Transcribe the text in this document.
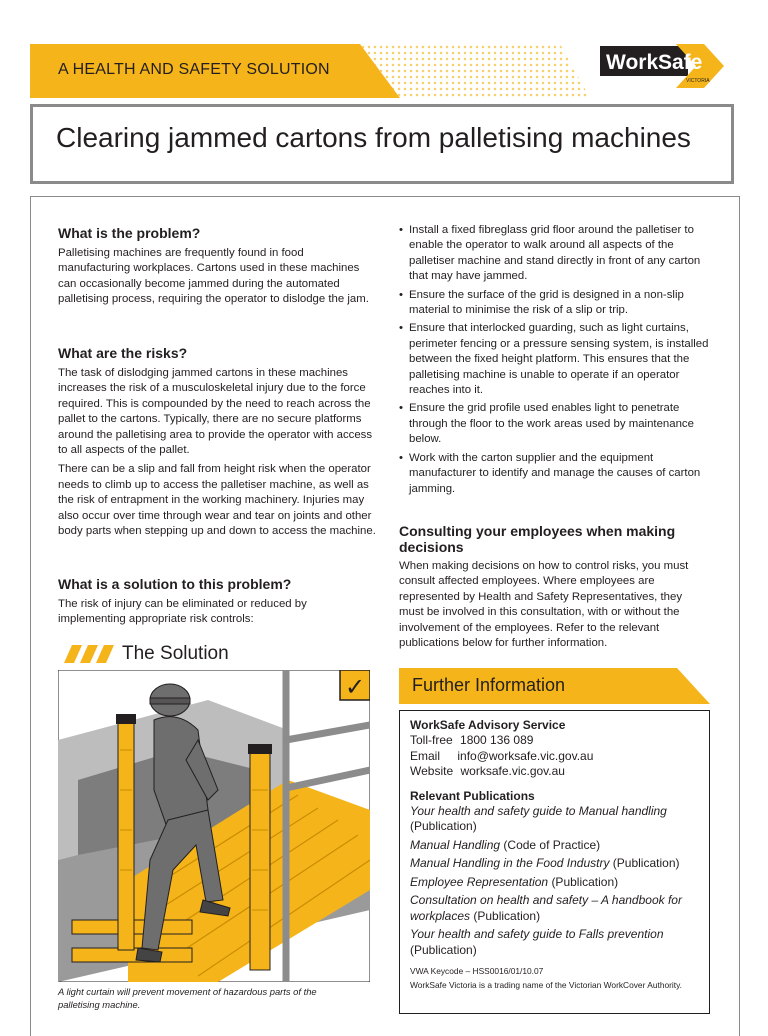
A HEALTH AND SAFETY SOLUTION	Work Safe
VICTORIA
Clearing jammed cartons from palletising machines
What is the problem?

Palletising machines are frequently found in food manufacturing workplaces. Cartons used in these machines can occasionally become jammed during the automated palletising process, requiring the operator to dislodge the jam.

What are the risks?

The task of dislodging jammed cartons in these machines increases the risk of a musculoskeletal injury due to the force required. This is compounded by the need to reach across the pallet to the cartons. Typically, there are no secure platforms around the palletising area to provide the operator with access to all aspects of the pallet.

There can be a slip and fall from height risk when the operator needs to climb up to access the palletiser machine, as well as the risk of entrapment in the working machinery. Injuries may also occur over time through wear and tear on joints and other body parts when stepping up and down to access the machine.

What is a solution to this problem?

The risk of injury can be eliminated or reduced by implementing appropriate risk controls:

The Solution
✓
A light curtain will prevent movement of hazardous parts of the palletising machine.
• Install a fixed fibreglass grid floor around the palletiser to enable the operator to walk around all aspects of the palletiser machine and stand directly in front of any carton that may have jammed.
• Ensure the surface of the grid is designed in a non-slip material to minimise the risk of a slip or trip.
• Ensure that interlocked guarding, such as light curtains, perimeter fencing or a pressure sensing system, is installed between the fixed height platform. This ensures that the palletising machine is unable to operate if an operator reaches into it.
• Ensure the grid profile used enables light to penetrate through the floor to the work areas used by maintenance below.
• Work with the carton supplier and the equipment manufacturer to identify and manage the causes of carton jamming.
Consulting your employees when making decisions

When making decisions on how to control risks, you must consult affected employees. Where employees are represented by Health and Safety Representatives, they must be involved in this consultation, with or without the involvement of the employees. Refer to the relevant publications below for further information.

Further Information
WorkSafe Advisory Service
Toll-free 1800 136 089
Email info@worksafe.vic.gov.au
Website worksafe.vic.gov.au
Relevant Publications
Your health and safety guide to Manual handling (Publication)
Manual Handling (Code of Practice)
Manual Handling in the Food Industry (Publication)
Employee Representation (Publication)
Consultation on health and safety – A handbook for workplaces (Publication)
Your health and safety guide to Falls prevention (Publication)
VWA Keycode – HSS0016/01/10.07
WorkSafe Victoria is a trading name of the Victorian WorkCover Authority.
